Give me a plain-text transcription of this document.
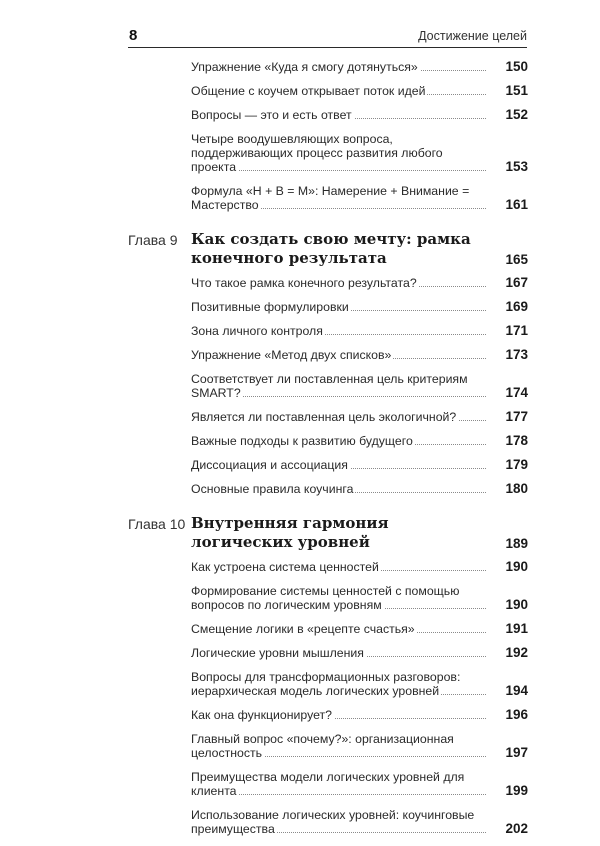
8	Достижение целей
Упражнение «Куда я смогу дотянуться»	150
Общение с коучем открывает поток идей	151
Вопросы — это и есть ответ	152
Четыре воодушевляющих вопроса, поддерживающих процесс развития любого проекта	153
Формула «Н + В = М»: Намерение + Внимание = Мастерство	161
Глава 9 Как создать свою мечту: рамка конечного результата	165
Что такое рамка конечного результата?	167
Позитивные формулировки	169
Зона личного контроля	171
Упражнение «Метод двух списков»	173
Соответствует ли поставленная цель критериям SMART?	174
Является ли поставленная цель экологичной?	177
Важные подходы к развитию будущего	178
Диссоциация и ассоциация	179
Основные правила коучинга	180
Глава 10 Внутренняя гармония логических уровней	189
Как устроена система ценностей	190
Формирование системы ценностей с помощью вопросов по логическим уровням	190
Смещение логики в «рецепте счастья»	191
Логические уровни мышления	192
Вопросы для трансформационных разговоров: иерархическая модель логических уровней	194
Как она функционирует?	196
Главный вопрос «почему?»: организационная целостность	197
Преимущества модели логических уровней для клиента	199
Использование логических уровней: коучинговые преимущества	202
